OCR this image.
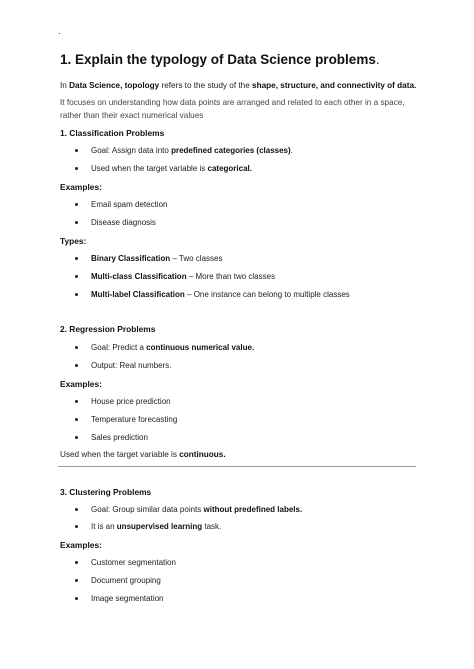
.
1. Explain the typology of Data Science problems.
In Data Science, topology refers to the study of the shape, structure, and connectivity of data.
It focuses on understanding how data points are arranged and related to each other in a space,
rather than their exact numerical values
1. Classification Problems
Goal: Assign data into predefined categories (classes).
Used when the target variable is categorical.
Examples:
Email spam detection
Disease diagnosis
Types:
Binary Classification – Two classes
Multi-class Classification – More than two classes
Multi-label Classification – One instance can belong to multiple classes
2. Regression Problems
Goal: Predict a continuous numerical value.
Output: Real numbers.
Examples:
House price prediction
Temperature forecasting
Sales prediction
Used when the target variable is continuous.
3. Clustering Problems
Goal: Group similar data points without predefined labels.
It is an unsupervised learning task.
Examples:
Customer segmentation
Document grouping
Image segmentation
